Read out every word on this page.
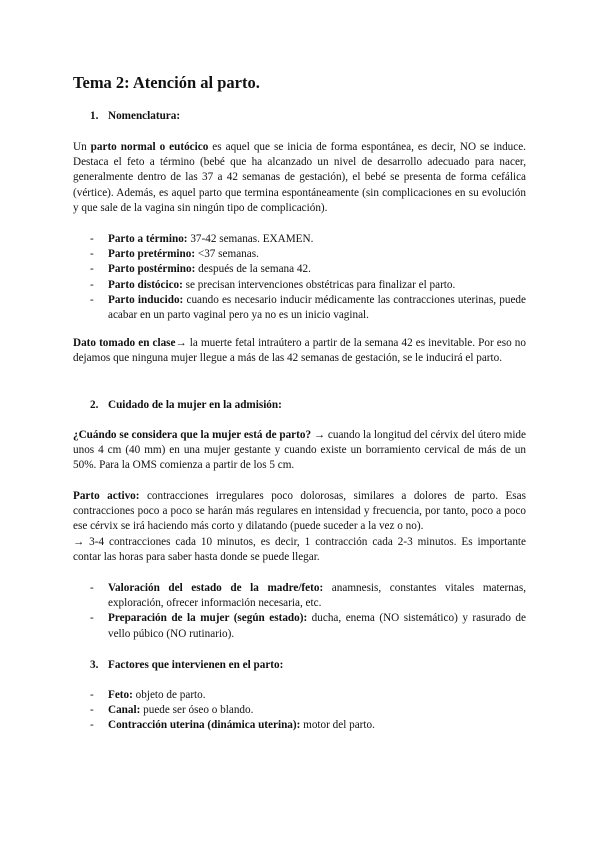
Tema 2: Atención al parto.
1. Nomenclatura:

Un parto normal o eutócico es aquel que se inicia de forma espontánea, es decir, NO se induce. Destaca el feto a término (bebé que ha alcanzado un nivel de desarrollo adecuado para nacer, generalmente dentro de las 37 a 42 semanas de gestación), el bebé se presenta de forma cefálica (vértice). Además, es aquel parto que termina espontáneamente (sin complicaciones en su evolución y que sale de la vagina sin ningún tipo de complicación).

- Parto a término: 37-42 semanas. EXAMEN.
- Parto pretérmino: <37 semanas.
- Parto postérmino: después de la semana 42.
- Parto distócico: se precisan intervenciones obstétricas para finalizar el parto.
- Parto inducido: cuando es necesario inducir médicamente las contracciones uterinas, puede acabar en un parto vaginal pero ya no es un inicio vaginal.

Dato tomado en clase→ la muerte fetal intraútero a partir de la semana 42 es inevitable. Por eso no dejamos que ninguna mujer llegue a más de las 42 semanas de gestación, se le inducirá el parto.

2. Cuidado de la mujer en la admisión:

¿Cuándo se considera que la mujer está de parto? → cuando la longitud del cérvix del útero mide unos 4 cm (40 mm) en una mujer gestante y cuando existe un borramiento cervical de más de un 50%. Para la OMS comienza a partir de los 5 cm.

Parto activo: contracciones irregulares poco dolorosas, similares a dolores de parto. Esas contracciones poco a poco se harán más regulares en intensidad y frecuencia, por tanto, poco a poco ese cérvix se irá haciendo más corto y dilatando (puede suceder a la vez o no).
→ 3-4 contracciones cada 10 minutos, es decir, 1 contracción cada 2-3 minutos. Es importante contar las horas para saber hasta donde se puede llegar.

- Valoración del estado de la madre/feto: anamnesis, constantes vitales maternas, exploración, ofrecer información necesaria, etc.
- Preparación de la mujer (según estado): ducha, enema (NO sistemático) y rasurado de vello púbico (NO rutinario).
3. Factores que intervienen en el parto:
- Feto: objeto de parto.
- Canal: puede ser óseo o blando.
- Contracción uterina (dinámica uterina): motor del parto.
